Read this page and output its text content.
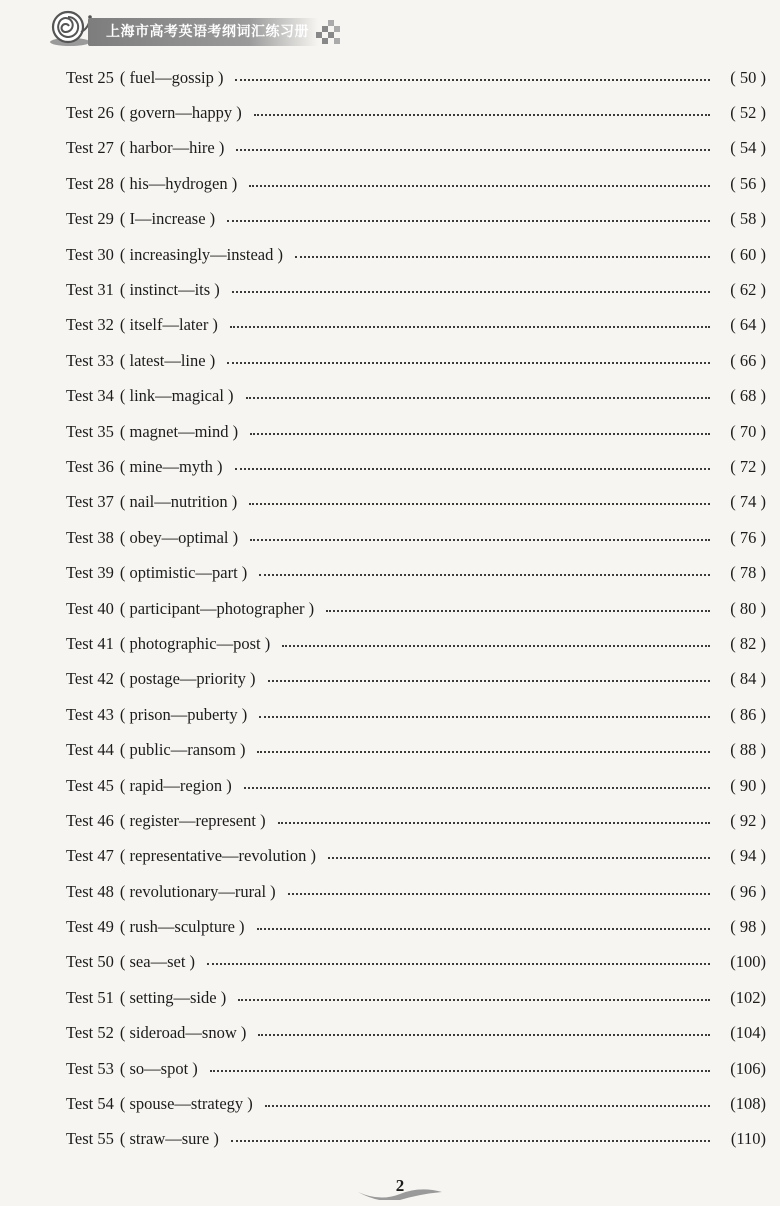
上海市高考英语考纲词汇练习册
Test 25 ( fuel—gossip )	( 50 )
Test 26 ( govern—happy )	( 52 )
Test 27 ( harbor—hire )	( 54 )
Test 28 ( his—hydrogen )	( 56 )
Test 29 ( I—increase )	( 58 )
Test 30 ( increasingly—instead )	( 60 )
Test 31 ( instinct—its )	( 62 )
Test 32 ( itself—later )	( 64 )
Test 33 ( latest—line )	( 66 )
Test 34 ( link—magical )	( 68 )
Test 35 ( magnet—mind )	( 70 )
Test 36 ( mine—myth )	( 72 )
Test 37 ( nail—nutrition )	( 74 )
Test 38 ( obey—optimal )	( 76 )
Test 39 ( optimistic—part )	( 78 )
Test 40 ( participant—photographer )	( 80 )
Test 41 ( photographic—post )	( 82 )
Test 42 ( postage—priority )	( 84 )
Test 43 ( prison—puberty )	( 86 )
Test 44 ( public—ransom )	( 88 )
Test 45 ( rapid—region )	( 90 )
Test 46 ( register—represent )	( 92 )
Test 47 ( representative—revolution )	( 94 )
Test 48 ( revolutionary—rural )	( 96 )
Test 49 ( rush—sculpture )	( 98 )
Test 50 ( sea—set )	(100)
Test 51 ( setting—side )	(102)
Test 52 ( sideroad—snow )	(104)
Test 53 ( so—spot )	(106)
Test 54 ( spouse—strategy )	(108)
Test 55 ( straw—sure )	(110)
2
